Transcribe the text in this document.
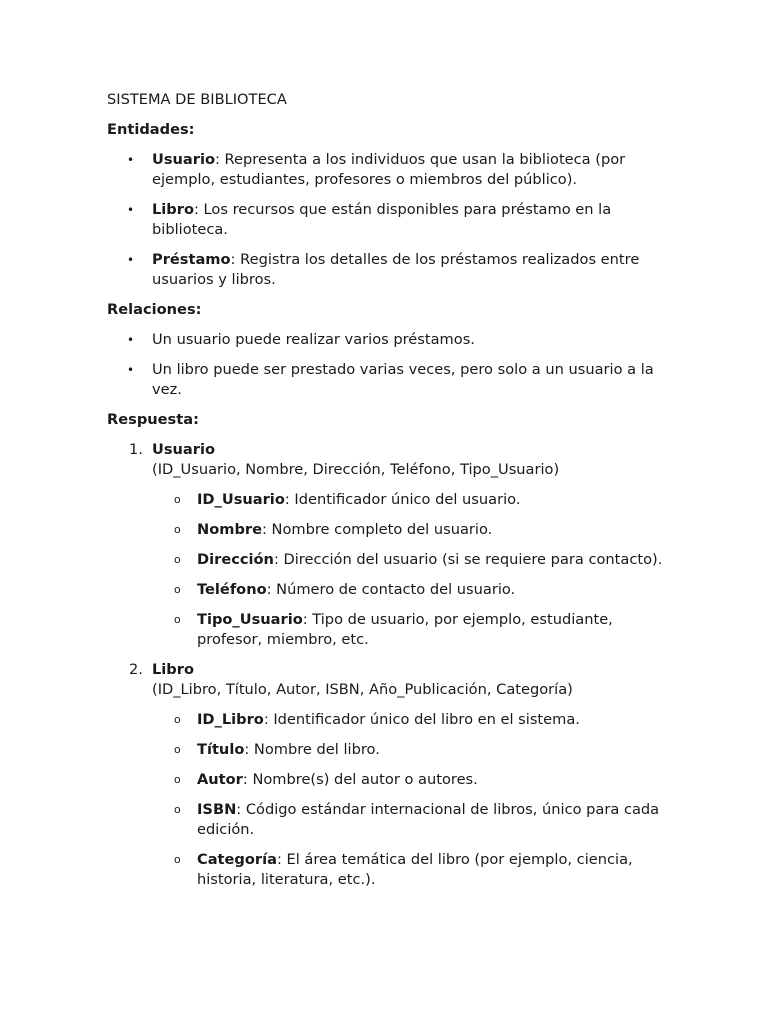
SISTEMA DE BIBLIOTECA

Entidades:

• Usuario: Representa a los individuos que usan la biblioteca (por ejemplo, estudiantes, profesores o miembros del público).
• Libro: Los recursos que están disponibles para préstamo en la biblioteca.
• Préstamo: Registra los detalles de los préstamos realizados entre usuarios y libros.

Relaciones:

• Un usuario puede realizar varios préstamos.
• Un libro puede ser prestado varias veces, pero solo a un usuario a la vez.

Respuesta:

1. Usuario
(ID_Usuario, Nombre, Dirección, Teléfono, Tipo_Usuario)
o ID_Usuario: Identificador único del usuario.
o Nombre: Nombre completo del usuario.
o Dirección: Dirección del usuario (si se requiere para contacto).
o Teléfono: Número de contacto del usuario.
o Tipo_Usuario: Tipo de usuario, por ejemplo, estudiante, profesor, miembro, etc.
2. Libro
(ID_Libro, Título, Autor, ISBN, Año_Publicación, Categoría)
o ID_Libro: Identificador único del libro en el sistema.
o Título: Nombre del libro.
o Autor: Nombre(s) del autor o autores.
o ISBN: Código estándar internacional de libros, único para cada edición.
o Categoría: El área temática del libro (por ejemplo, ciencia, historia, literatura, etc.).
